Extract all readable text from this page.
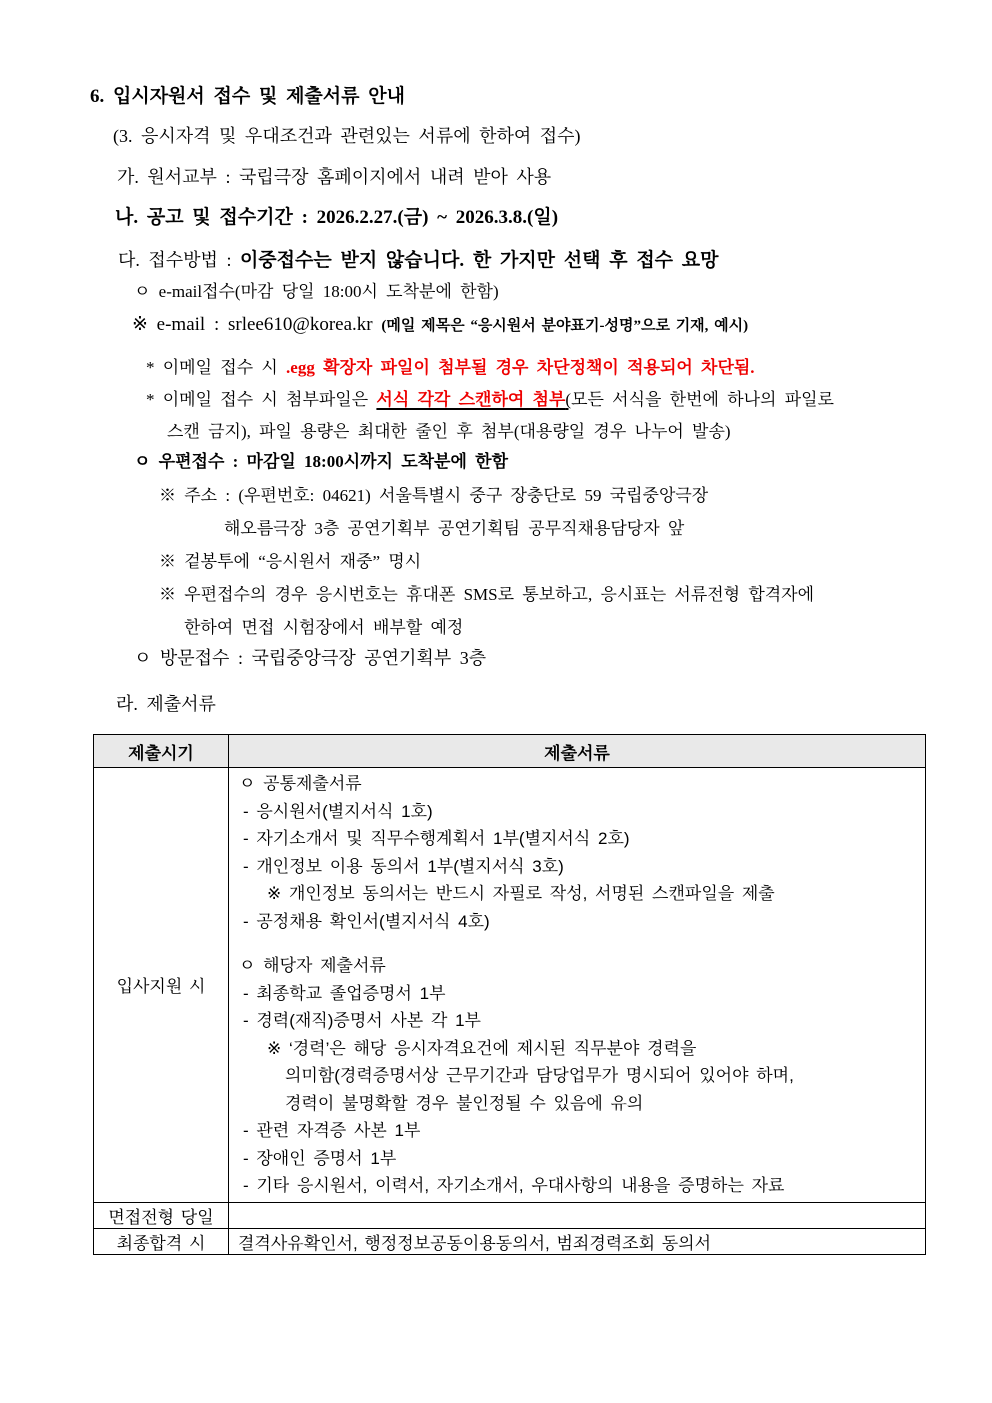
6. 입시자원서 접수 및 제출서류 안내
(3. 응시자격 및 우대조건과 관련있는 서류에 한하여 접수)
가. 원서교부 : 국립극장 홈페이지에서 내려 받아 사용
나. 공고 및 접수기간 : 2026.2.27.(금) ~ 2026.3.8.(일)
다. 접수방법 : 이중접수는 받지 않습니다. 한 가지만 선택 후 접수 요망
ㅇ e-mail접수(마감 당일 18:00시 도착분에 한함)
※ e-mail : srlee610@korea.kr (메일 제목은 “응시원서 분야표기-성명”으로 기재, 예시)
* 이메일 접수 시 .egg 확장자 파일이 첨부될 경우 차단정책이 적용되어 차단됨.
* 이메일 접수 시 첨부파일은 서식 각각 스캔하여 첨부(모든 서식을 한번에 하나의 파일로
스캔 금지), 파일 용량은 최대한 줄인 후 첨부(대용량일 경우 나누어 발송)
ㅇ 우편접수 : 마감일 18:00시까지 도착분에 한함
※ 주소 : (우편번호: 04621) 서울특별시 중구 장충단로 59 국립중앙극장
해오름극장 3층 공연기획부 공연기획팀 공무직채용담당자 앞
※ 겉봉투에 “응시원서 재중” 명시
※ 우편접수의 경우 응시번호는 휴대폰 SMS로 통보하고, 응시표는 서류전형 합격자에
한하여 면접 시험장에서 배부할 예정
ㅇ 방문접수 : 국립중앙극장 공연기획부 3층
라. 제출서류
제출시기	제출서류
입사지원 시	
ㅇ 공통제출서류
- 응시원서(별지서식 1호)
- 자기소개서 및 직무수행계획서 1부(별지서식 2호)
- 개인정보 이용 동의서 1부(별지서식 3호)
※ 개인정보 동의서는 반드시 자필로 작성, 서명된 스캔파일을 제출
- 공정채용 확인서(별지서식 4호)
ㅇ 해당자 제출서류
- 최종학교 졸업증명서 1부
- 경력(재직)증명서 사본 각 1부
※ ‘경력’은 해당 응시자격요건에 제시된 직무분야 경력을
의미함(경력증명서상 근무기간과 담당업무가 명시되어 있어야 하며,
경력이 불명확할 경우 불인정될 수 있음에 유의
- 관련 자격증 사본 1부
- 장애인 증명서 1부
- 기타 응시원서, 이력서, 자기소개서, 우대사항의 내용을 증명하는 자료

면접전형 당일	
최종합격 시	결격사유확인서, 행정정보공동이용동의서, 범죄경력조회 동의서
